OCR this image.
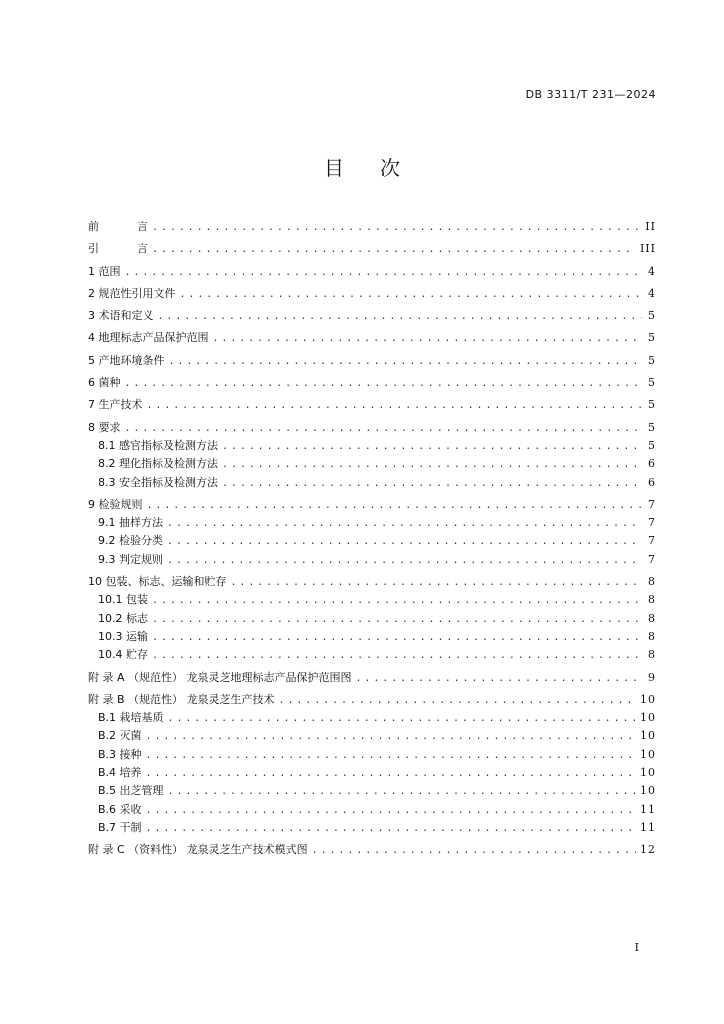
DB 3311/T 231—2024
目次
前言 .....	II
引言 .....	III
1 范围 .....	4
2 规范性引用文件 .....	4
3 术语和定义 .....	5
4 地理标志产品保护范围 .....	5
5 产地环境条件 .....	5
6 菌种 .....	5
7 生产技术 .....	5
8 要求 .....	5
8.1 感官指标及检测方法 .....	5
8.2 理化指标及检测方法 .....	6
8.3 安全指标及检测方法 .....	6
9 检验规则 .....	7
9.1 抽样方法 .....	7
9.2 检验分类 .....	7
9.3 判定规则 .....	7
10 包装、标志、运输和贮存 .....	8
10.1 包装 .....	8
10.2 标志 .....	8
10.3 运输 .....	8
10.4 贮存 .....	8
附 录 A （规范性） 龙泉灵芝地理标志产品保护范围图 .....	9
附 录 B （规范性） 龙泉灵芝生产技术 .....	10
B.1 栽培基质 .....	10
B.2 灭菌 .....	10
B.3 接种 .....	10
B.4 培养 .....	10
B.5 出芝管理 .....	10
B.6 采收 .....	11
B.7 干制 .....	11
附 录 C （资料性） 龙泉灵芝生产技术模式图 .....	12
I
